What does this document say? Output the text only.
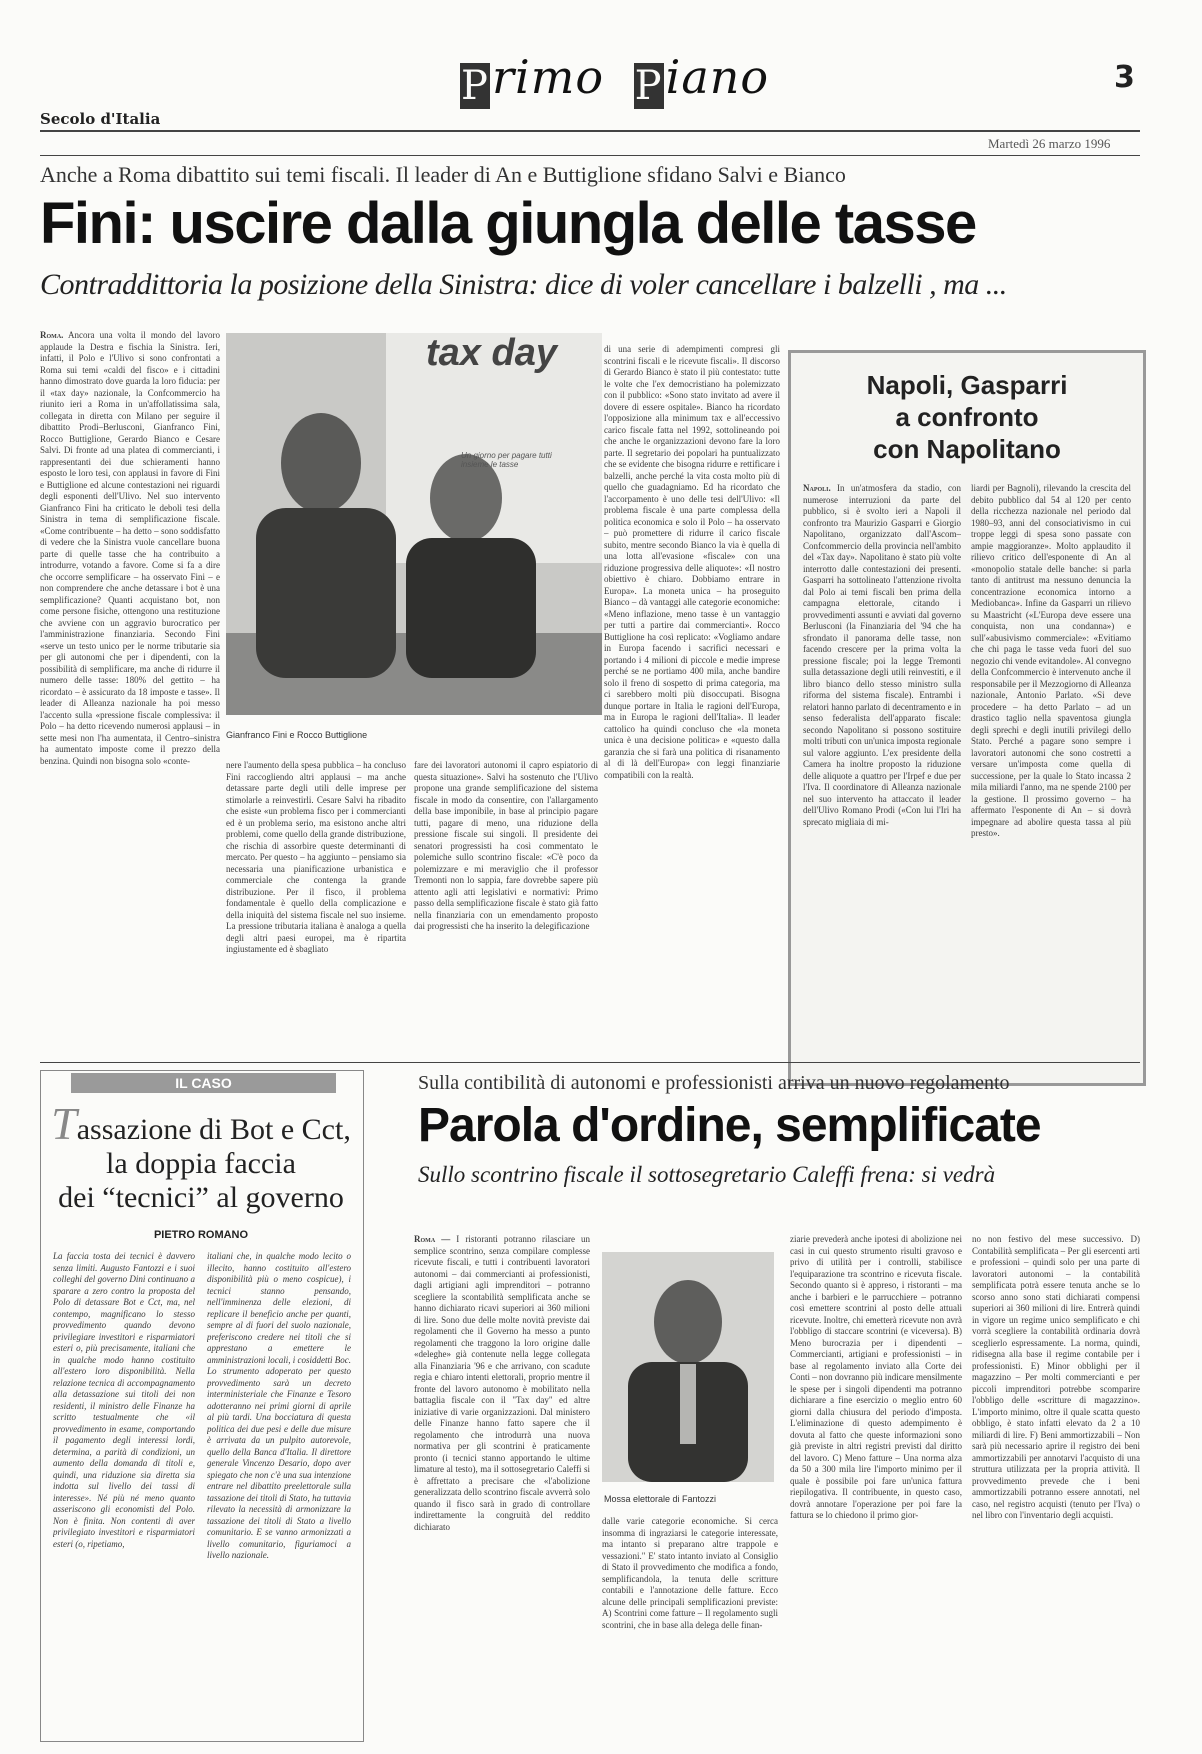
Secolo d'Italia
Primo Piano	3
Martedì 26 marzo 1996
Anche a Roma dibattito sui temi fiscali. Il leader di An e Buttiglione sfidano Salvi e Bianco
Fini: uscire dalla giungla delle tasse
Contraddittoria la posizione della Sinistra: dice di voler cancellare i balzelli , ma ...
Roma. Ancora una volta il mondo del lavoro applaude la Destra e fischia la Sinistra. Ieri, infatti, il Polo e l'Ulivo si sono confrontati a Roma sui temi «caldi del fisco» e i cittadini hanno dimostrato dove guarda la loro fiducia: per il «tax day» nazionale, la Confcommercio ha riunito ieri a Roma in un'affollatissima sala, collegata in diretta con Milano per seguire il dibattito Prodi–Berlusconi, Gianfranco Fini, Rocco Buttiglione, Gerardo Bianco e Cesare Salvi. Di fronte ad una platea di commercianti, i rappresentanti dei due schieramenti hanno esposto le loro tesi, con applausi in favore di Fini e Buttiglione ed alcune contestazioni nei riguardi degli esponenti dell'Ulivo. Nel suo intervento Gianfranco Fini ha criticato le deboli tesi della Sinistra in tema di semplificazione fiscale. «Come contribuente – ha detto – sono soddisfatto di vedere che la Sinistra vuole cancellare buona parte di quelle tasse che ha contribuito a introdurre, votando a favore. Come si fa a dire che occorre semplificare – ha osservato Fini – e non comprendere che anche detassare i bot è una semplificazione? Quanti acquistano bot, non come persone fisiche, ottengono una restituzione che avviene con un aggravio burocratico per l'amministrazione finanziaria. Secondo Fini «serve un testo unico per le norme tributarie sia per gli autonomi che per i dipendenti, con la possibilità di semplificare, ma anche di ridurre il numero delle tasse: 180% del gettito – ha ricordato – è assicurato da 18 imposte e tasse». Il leader di Alleanza nazionale ha poi messo l'accento sulla «pressione fiscale complessiva: il Polo – ha detto ricevendo numerosi applausi – in sette mesi non l'ha aumentata, il Centro–sinistra ha aumentato imposte come il prezzo della benzina. Quindi non bisogna solo «conte-
tax day
Un giorno per pagare tutti insieme le tasse
Gianfranco Fini e Rocco Buttiglione
nere l'aumento della spesa pubblica – ha concluso Fini raccogliendo altri applausi – ma anche detassare parte degli utili delle imprese per stimolarle a reinvestirli. Cesare Salvi ha ribadito che esiste «un problema fisco per i commercianti ed è un problema serio, ma esistono anche altri problemi, come quello della grande distribuzione, che rischia di assorbire queste determinanti di mercato. Per questo – ha aggiunto – pensiamo sia necessaria una pianificazione urbanistica e commerciale che contenga la grande distribuzione. Per il fisco, il problema fondamentale è quello della complicazione e della iniquità del sistema fiscale nel suo insieme. La pressione tributaria italiana è analoga a quella degli altri paesi europei, ma è ripartita ingiustamente ed è sbagliato
fare dei lavoratori autonomi il capro espiatorio di questa situazione». Salvi ha sostenuto che l'Ulivo propone una grande semplificazione del sistema fiscale in modo da consentire, con l'allargamento della base imponibile, in base al principio pagare tutti, pagare di meno, una riduzione della pressione fiscale sui singoli. Il presidente dei senatori progressisti ha così commentato le polemiche sullo scontrino fiscale: «C'è poco da polemizzare e mi meraviglio che il professor Tremonti non lo sappia, fare dovrebbe sapere più attento agli atti legislativi e normativi: Primo passo della semplificazione fiscale è stato già fatto nella finanziaria con un emendamento proposto dai progressisti che ha inserito la delegificazione
di una serie di adempimenti compresi gli scontrini fiscali e le ricevute fiscali». Il discorso di Gerardo Bianco è stato il più contestato: tutte le volte che l'ex democristiano ha polemizzato con il pubblico: «Sono stato invitato ad avere il dovere di essere ospitale». Bianco ha ricordato l'opposizione alla minimum tax e all'eccessivo carico fiscale fatta nel 1992, sottolineando poi che anche le organizzazioni devono fare la loro parte. Il segretario dei popolari ha puntualizzato che se evidente che bisogna ridurre e rettificare i balzelli, anche perché la vita costa molto più di quello che guadagniamo. Ed ha ricordato che l'accorpamento è uno delle tesi dell'Ulivo: «Il problema fiscale è una parte complessa della politica economica e solo il Polo – ha osservato – può promettere di ridurre il carico fiscale subito, mentre secondo Bianco la via è quella di una lotta all'evasione «fiscale» con una riduzione progressiva delle aliquote»: «Il nostro obiettivo è chiaro. Dobbiamo entrare in Europa». La moneta unica – ha proseguito Bianco – dà vantaggi alle categorie economiche: «Meno inflazione, meno tasse è un vantaggio per tutti a partire dai commercianti». Rocco Buttiglione ha così replicato: «Vogliamo andare in Europa facendo i sacrifici necessari e portando i 4 milioni di piccole e medie imprese perché se ne portiamo 400 mila, anche bandire solo il freno di sospetto di prima categoria, ma ci sarebbero molti più disoccupati. Bisogna dunque portare in Italia le ragioni dell'Europa, ma in Europa le ragioni dell'Italia». Il leader cattolico ha quindi concluso che «la moneta unica è una decisione politica» e «questo dalla garanzia che si farà una politica di risanamento al di là dell'Europa» con leggi finanziarie compatibili con la realtà.
Napoli, Gasparri
a confronto
con Napolitano
Napoli. In un'atmosfera da stadio, con numerose interruzioni da parte del pubblico, si è svolto ieri a Napoli il confronto tra Maurizio Gasparri e Giorgio Napolitano, organizzato dall'Ascom–Confcommercio della provincia nell'ambito del «Tax day». Napolitano è stato più volte interrotto dalle contestazioni dei presenti. Gasparri ha sottolineato l'attenzione rivolta dal Polo ai temi fiscali ben prima della campagna elettorale, citando i provvedimenti assunti e avviati dal governo Berlusconi (la Finanziaria del '94 che ha sfrondato il panorama delle tasse, non facendo crescere per la prima volta la pressione fiscale; poi la legge Tremonti sulla detassazione degli utili reinvestiti, e il libro bianco dello stesso ministro sulla riforma del sistema fiscale). Entrambi i relatori hanno parlato di decentramento e in senso federalista dell'apparato fiscale: secondo Napolitano si possono sostituire molti tributi con un'unica imposta regionale sul valore aggiunto. L'ex presidente della Camera ha inoltre proposto la riduzione delle aliquote a quattro per l'Irpef e due per l'Iva. Il coordinatore di Alleanza nazionale nel suo intervento ha attaccato il leader dell'Ulivo Romano Prodi («Con lui l'Iri ha sprecato migliaia di mi-
liardi per Bagnoli), rilevando la crescita del debito pubblico dal 54 al 120 per cento della ricchezza nazionale nel periodo dal 1980–93, anni del consociativismo in cui troppe leggi di spesa sono passate con ampie maggioranze». Molto applaudito il rilievo critico dell'esponente di An al «monopolio statale delle banche: si parla tanto di antitrust ma nessuno denuncia la concentrazione economica intorno a Mediobanca». Infine da Gasparri un rilievo su Maastricht («L'Europa deve essere una conquista, non una condanna») e sull'«abusivismo commerciale»: «Evitiamo che chi paga le tasse veda fuori del suo negozio chi vende evitandole». Al convegno della Confcommercio è intervenuto anche il responsabile per il Mezzogiorno di Alleanza nazionale, Antonio Parlato. «Si deve procedere – ha detto Parlato – ad un drastico taglio nella spaventosa giungla degli sprechi e degli inutili privilegi dello Stato. Perché a pagare sono sempre i lavoratori autonomi che sono costretti a versare un'imposta come quella di successione, per la quale lo Stato incassa 2 mila miliardi l'anno, ma ne spende 2100 per la gestione. Il prossimo governo – ha affermato l'esponente di An – si dovrà impegnare ad abolire questa tassa al più presto».
IL CASO
Tassazione di Bot e Cct,
la doppia faccia
dei “tecnici” al governo
PIETRO ROMANO
La faccia tosta dei tecnici è davvero senza limiti. Augusto Fantozzi e i suoi colleghi del governo Dini continuano a sparare a zero contro la proposta del Polo di detassare Bot e Cct, ma, nel contempo, magnificano lo stesso provvedimento quando devono privilegiare investitori e risparmiatori esteri o, più precisamente, italiani che in qualche modo hanno costituito all'estero loro disponibilità. Nella relazione tecnica di accompagnamento alla detassazione sui titoli dei non residenti, il ministro delle Finanze ha scritto testualmente che «il provvedimento in esame, comportando il pagamento degli interessi lordi, determina, a parità di condizioni, un aumento della domanda di titoli e, quindi, una riduzione sia diretta sia indotta sul livello dei tassi di interesse». Né più né meno quanto asseriscono gli economisti del Polo. Non è finita. Non contenti di aver privilegiato investitori e risparmiatori esteri (o, ripetiamo,
italiani che, in qualche modo lecito o illecito, hanno costituito all'estero disponibilità più o meno cospicue), i tecnici stanno pensando, nell'imminenza delle elezioni, di replicare il beneficio anche per quanti, sempre al di fuori del suolo nazionale, preferiscono credere nei titoli che si apprestano a emettere le amministrazioni locali, i cosiddetti Boc. Lo strumento adoperato per questo provvedimento sarà un decreto interministeriale che Finanze e Tesoro adotteranno nei primi giorni di aprile al più tardi. Una bocciatura di questa politica dei due pesi e delle due misure è arrivata da un pulpito autorevole, quello della Banca d'Italia. Il direttore generale Vincenzo Desario, dopo aver spiegato che non c'è una sua intenzione entrare nel dibattito preelettorale sulla tassazione dei titoli di Stato, ha tuttavia rilevato la necessità di armonizzare la tassazione dei titoli di Stato a livello comunitario. E se vanno armonizzati a livello comunitario, figuriamoci a livello nazionale.
Sulla contibilità di autonomi e professionisti arriva un nuovo regolamento
Parola d'ordine, semplificate
Sullo scontrino fiscale il sottosegretario Caleffi frena: si vedrà
Roma — I ristoranti potranno rilasciare un semplice scontrino, senza compilare complesse ricevute fiscali, e tutti i contribuenti lavoratori autonomi – dai commercianti ai professionisti, dagli artigiani agli imprenditori – potranno scegliere la scontabilità semplificata anche se hanno dichiarato ricavi superiori ai 360 milioni di lire. Sono due delle molte novità previste dai regolamenti che il Governo ha messo a punto regolamenti che traggono la loro origine dalle «deleghe» già contenute nella legge collegata alla Finanziaria '96 e che arrivano, con scadute regia e chiaro intenti elettorali, proprio mentre il fronte del lavoro autonomo è mobilitato nella battaglia fiscale con il "Tax day" ed altre iniziative di varie organizzazioni. Dal ministero delle Finanze hanno fatto sapere che il regolamento che introdurrà una nuova normativa per gli scontrini è praticamente pronto (i tecnici stanno apportando le ultime limature al testo), ma il sottosegretario Caleffi si è affrettato a precisare che «l'abolizione generalizzata dello scontrino fiscale avverrà solo quando il fisco sarà in grado di controllare indirettamente la congruità del reddito dichiarato
Mossa elettorale di Fantozzi
dalle varie categorie economiche. Si cerca insomma di ingraziarsi le categorie interessate, ma intanto si preparano altre trappole e vessazioni." E' stato intanto inviato al Consiglio di Stato il provvedimento che modifica a fondo, semplificandola, la tenuta delle scritture contabili e l'annotazione delle fatture. Ecco alcune delle principali semplificazioni previste: A) Scontrini come fatture – Il regolamento sugli scontrini, che in base alla delega delle finan-
ziarie prevederà anche ipotesi di abolizione nei casi in cui questo strumento risulti gravoso e privo di utilità per i controlli, stabilisce l'equiparazione tra scontrino e ricevuta fiscale. Secondo quanto si è appreso, i ristoranti – ma anche i barbieri e le parrucchiere – potranno così emettere scontrini al posto delle attuali ricevute. Inoltre, chi emetterà ricevute non avrà l'obbligo di staccare scontrini (e viceversa). B) Meno burocrazia per i dipendenti – Commercianti, artigiani e professionisti – in base al regolamento inviato alla Corte dei Conti – non dovranno più indicare mensilmente le spese per i singoli dipendenti ma potranno dichiarare a fine esercizio o meglio entro 60 giorni dalla chiusura del periodo d'imposta. L'eliminazione di questo adempimento è dovuta al fatto che queste informazioni sono già previste in altri registri previsti dal diritto del lavoro. C) Meno fatture – Una norma alza da 50 a 300 mila lire l'importo minimo per il quale è possibile poi fare un'unica fattura riepilogativa. Il contribuente, in questo caso, dovrà annotare l'operazione per poi fare la fattura se lo chiedono il primo gior-
no non festivo del mese successivo. D) Contabilità semplificata – Per gli esercenti arti e professioni – quindi solo per una parte di lavoratori autonomi – la contabilità semplificata potrà essere tenuta anche se lo scorso anno sono stati dichiarati compensi superiori ai 360 milioni di lire. Entrerà quindi in vigore un regime unico semplificato e chi vorrà scegliere la contabilità ordinaria dovrà sceglierlo espressamente. La norma, quindi, ridisegna alla base il regime contabile per i professionisti. E) Minor obblighi per il magazzino – Per molti commercianti e per piccoli imprenditori potrebbe scomparire l'obbligo delle «scritture di magazzino». L'importo minimo, oltre il quale scatta questo obbligo, è stato infatti elevato da 2 a 10 miliardi di lire. F) Beni ammortizzabili – Non sarà più necessario aprire il registro dei beni ammortizzabili per annotarvi l'acquisto di una struttura utilizzata per la propria attività. Il provvedimento prevede che i beni ammortizzabili potranno essere annotati, nel caso, nel registro acquisti (tenuto per l'Iva) o nel libro con l'inventario degli acquisti.
